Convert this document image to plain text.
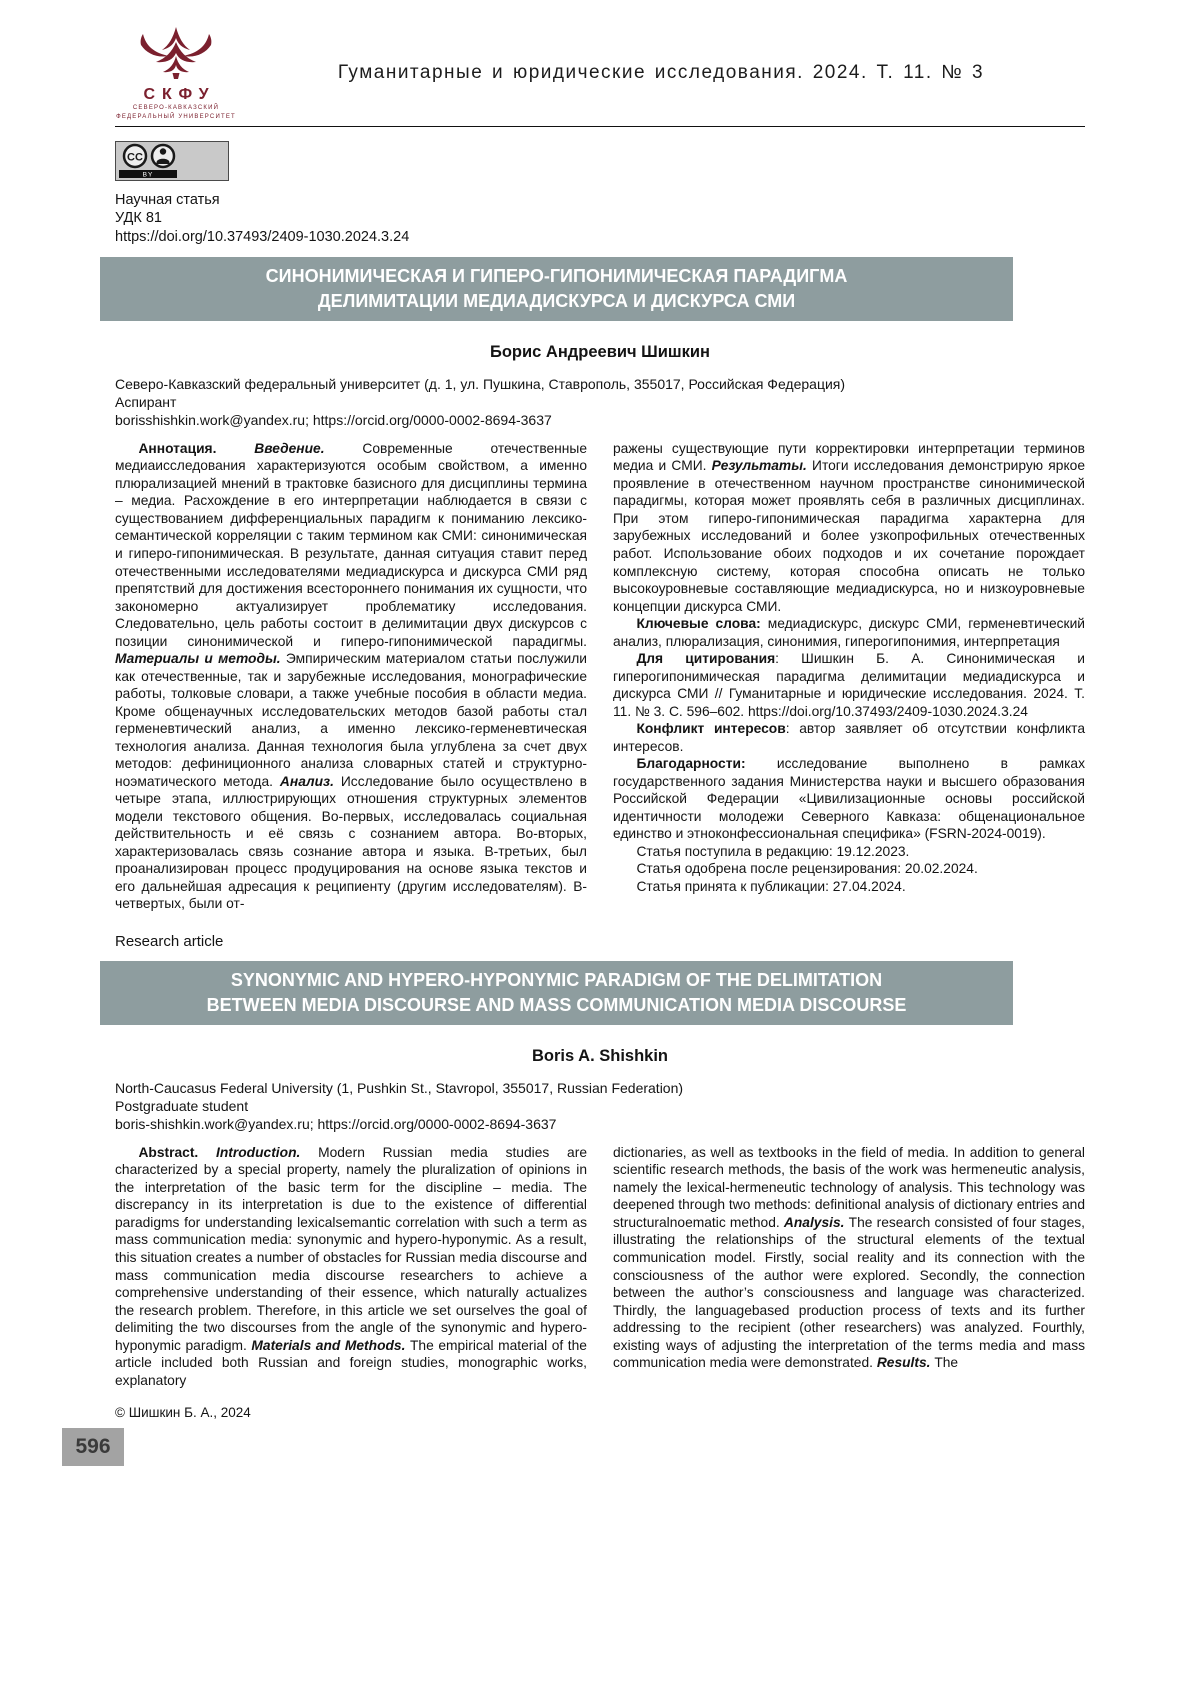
СКФУ
СЕВЕРО-КАВКАЗСКИЙ
ФЕДЕРАЛЬНЫЙ УНИВЕРСИТЕТ
Гуманитарные и юридические исследования. 2024. Т. 11. № 3
CC
BY

Научная статья

УДК 81

https://doi.org/10.37493/2409-1030.2024.3.24

СИНОНИМИЧЕСКАЯ И ГИПЕРО-ГИПОНИМИЧЕСКАЯ ПАРАДИГМА
ДЕЛИМИТАЦИИ МЕДИАДИСКУРСА И ДИСКУРСА СМИ
Борис Андреевич Шишкин

Северо-Кавказский федеральный университет (д. 1, ул. Пушкина, Ставрополь, 355017, Российская Федерация)

Аспирант

borisshishkin.work@yandex.ru; https://orcid.org/0000-0002-8694-3637

Аннотация. Введение. Современные отечественные медиаисследования характеризуются особым свойством, а именно плюрализацией мнений в трактовке базисного для дисциплины термина – медиа. Расхождение в его интерпретации наблюдается в связи с существованием дифференциальных парадигм к пониманию лексико-семантической корреляции с таким термином как СМИ: синонимическая и гиперо-гипонимическая. В результате, данная ситуация ставит перед отечественными исследователями медиадискурса и дискурса СМИ ряд препятствий для достижения всестороннего понимания их сущности, что закономерно актуализирует проблематику исследования. Следовательно, цель работы состоит в делимитации двух дискурсов с позиции синонимической и гиперо-гипонимической парадигмы. Материалы и методы. Эмпирическим материалом статьи послужили как отечественные, так и зарубежные исследования, монографические работы, толковые словари, а также учебные пособия в области медиа. Кроме общенаучных исследовательских методов базой работы стал герменевтический анализ, а именно лексико-герменевтическая технология анализа. Данная технология была углублена за счет двух методов: дефиниционного анализа словарных статей и структурно-ноэматического метода. Анализ. Исследование было осуществлено в четыре этапа, иллюстрирующих отношения структурных элементов модели текстового общения. Во-первых, исследовалась социальная действительность и её связь с сознанием автора. Во-вторых, характеризовалась связь сознание автора и языка. В-третьих, был проанализирован процесс продуцирования на основе языка текстов и его дальнейшая адресация к реципиенту (другим исследователям). В-четвертых, были от-

ражены существующие пути корректировки интерпретации терминов медиа и СМИ. Результаты. Итоги исследования демонстрирую яркое проявление в отечественном научном пространстве синонимической парадигмы, которая может проявлять себя в различных дисциплинах. При этом гиперо-гипонимическая парадигма характерна для зарубежных исследований и более узкопрофильных отечественных работ. Использование обоих подходов и их сочетание порождает комплексную систему, которая способна описать не только высокоуровневые составляющие медиадискурса, но и низкоуровневые концепции дискурса СМИ.

Ключевые слова: медиадискурс, дискурс СМИ, герменевтический анализ, плюрализация, синонимия, гиперогипонимия, интерпретация

Для цитирования: Шишкин Б. А. Синонимическая и гиперогипонимическая парадигма делимитации медиадискурса и дискурса СМИ // Гуманитарные и юридические исследования. 2024. Т. 11. № 3. С. 596–602. https://doi.org/10.37493/2409-1030.2024.3.24

Конфликт интересов: автор заявляет об отсутствии конфликта интересов.

Благодарности: исследование выполнено в рамках государственного задания Министерства науки и высшего образования Российской Федерации «Цивилизационные основы российской идентичности молодежи Северного Кавказа: общенациональное единство и этноконфессиональная специфика» (FSRN-2024-0019).

Статья поступила в редакцию: 19.12.2023.

Статья одобрена после рецензирования: 20.02.2024.

Статья принята к публикации: 27.04.2024.

Research article
SYNONYMIC AND HYPERO-HYPONYMIC PARADIGM OF THE DELIMITATION
BETWEEN MEDIA DISCOURSE AND MASS COMMUNICATION MEDIA DISCOURSE
Boris A. Shishkin

North-Caucasus Federal University (1, Pushkin St., Stavropol, 355017, Russian Federation)

Postgraduate student

boris-shishkin.work@yandex.ru; https://orcid.org/0000-0002-8694-3637

Abstract. Introduction. Modern Russian media studies are characterized by a special property, namely the pluralization of opinions in the interpretation of the basic term for the discipline – media. The discrepancy in its interpretation is due to the existence of differential paradigms for understanding lexicalsemantic correlation with such a term as mass communication media: synonymic and hypero-hyponymic. As a result, this situation creates a number of obstacles for Russian media discourse and mass communication media discourse researchers to achieve a comprehensive understanding of their essence, which naturally actualizes the research problem. Therefore, in this article we set ourselves the goal of delimiting the two discourses from the angle of the synonymic and hypero-hyponymic paradigm. Materials and Methods. The empirical material of the article included both Russian and foreign studies, monographic works, explanatory

dictionaries, as well as textbooks in the field of media. In addition to general scientific research methods, the basis of the work was hermeneutic analysis, namely the lexical-hermeneutic technology of analysis. This technology was deepened through two methods: definitional analysis of dictionary entries and structuralnoematic method. Analysis. The research consisted of four stages, illustrating the relationships of the structural elements of the textual communication model. Firstly, social reality and its connection with the consciousness of the author were explored. Secondly, the connection between the author’s consciousness and language was characterized. Thirdly, the languagebased production process of texts and its further addressing to the recipient (other researchers) was analyzed. Fourthly, existing ways of adjusting the interpretation of the terms media and mass communication media were demonstrated. Results. The

© Шишкин Б. А., 2024
596
